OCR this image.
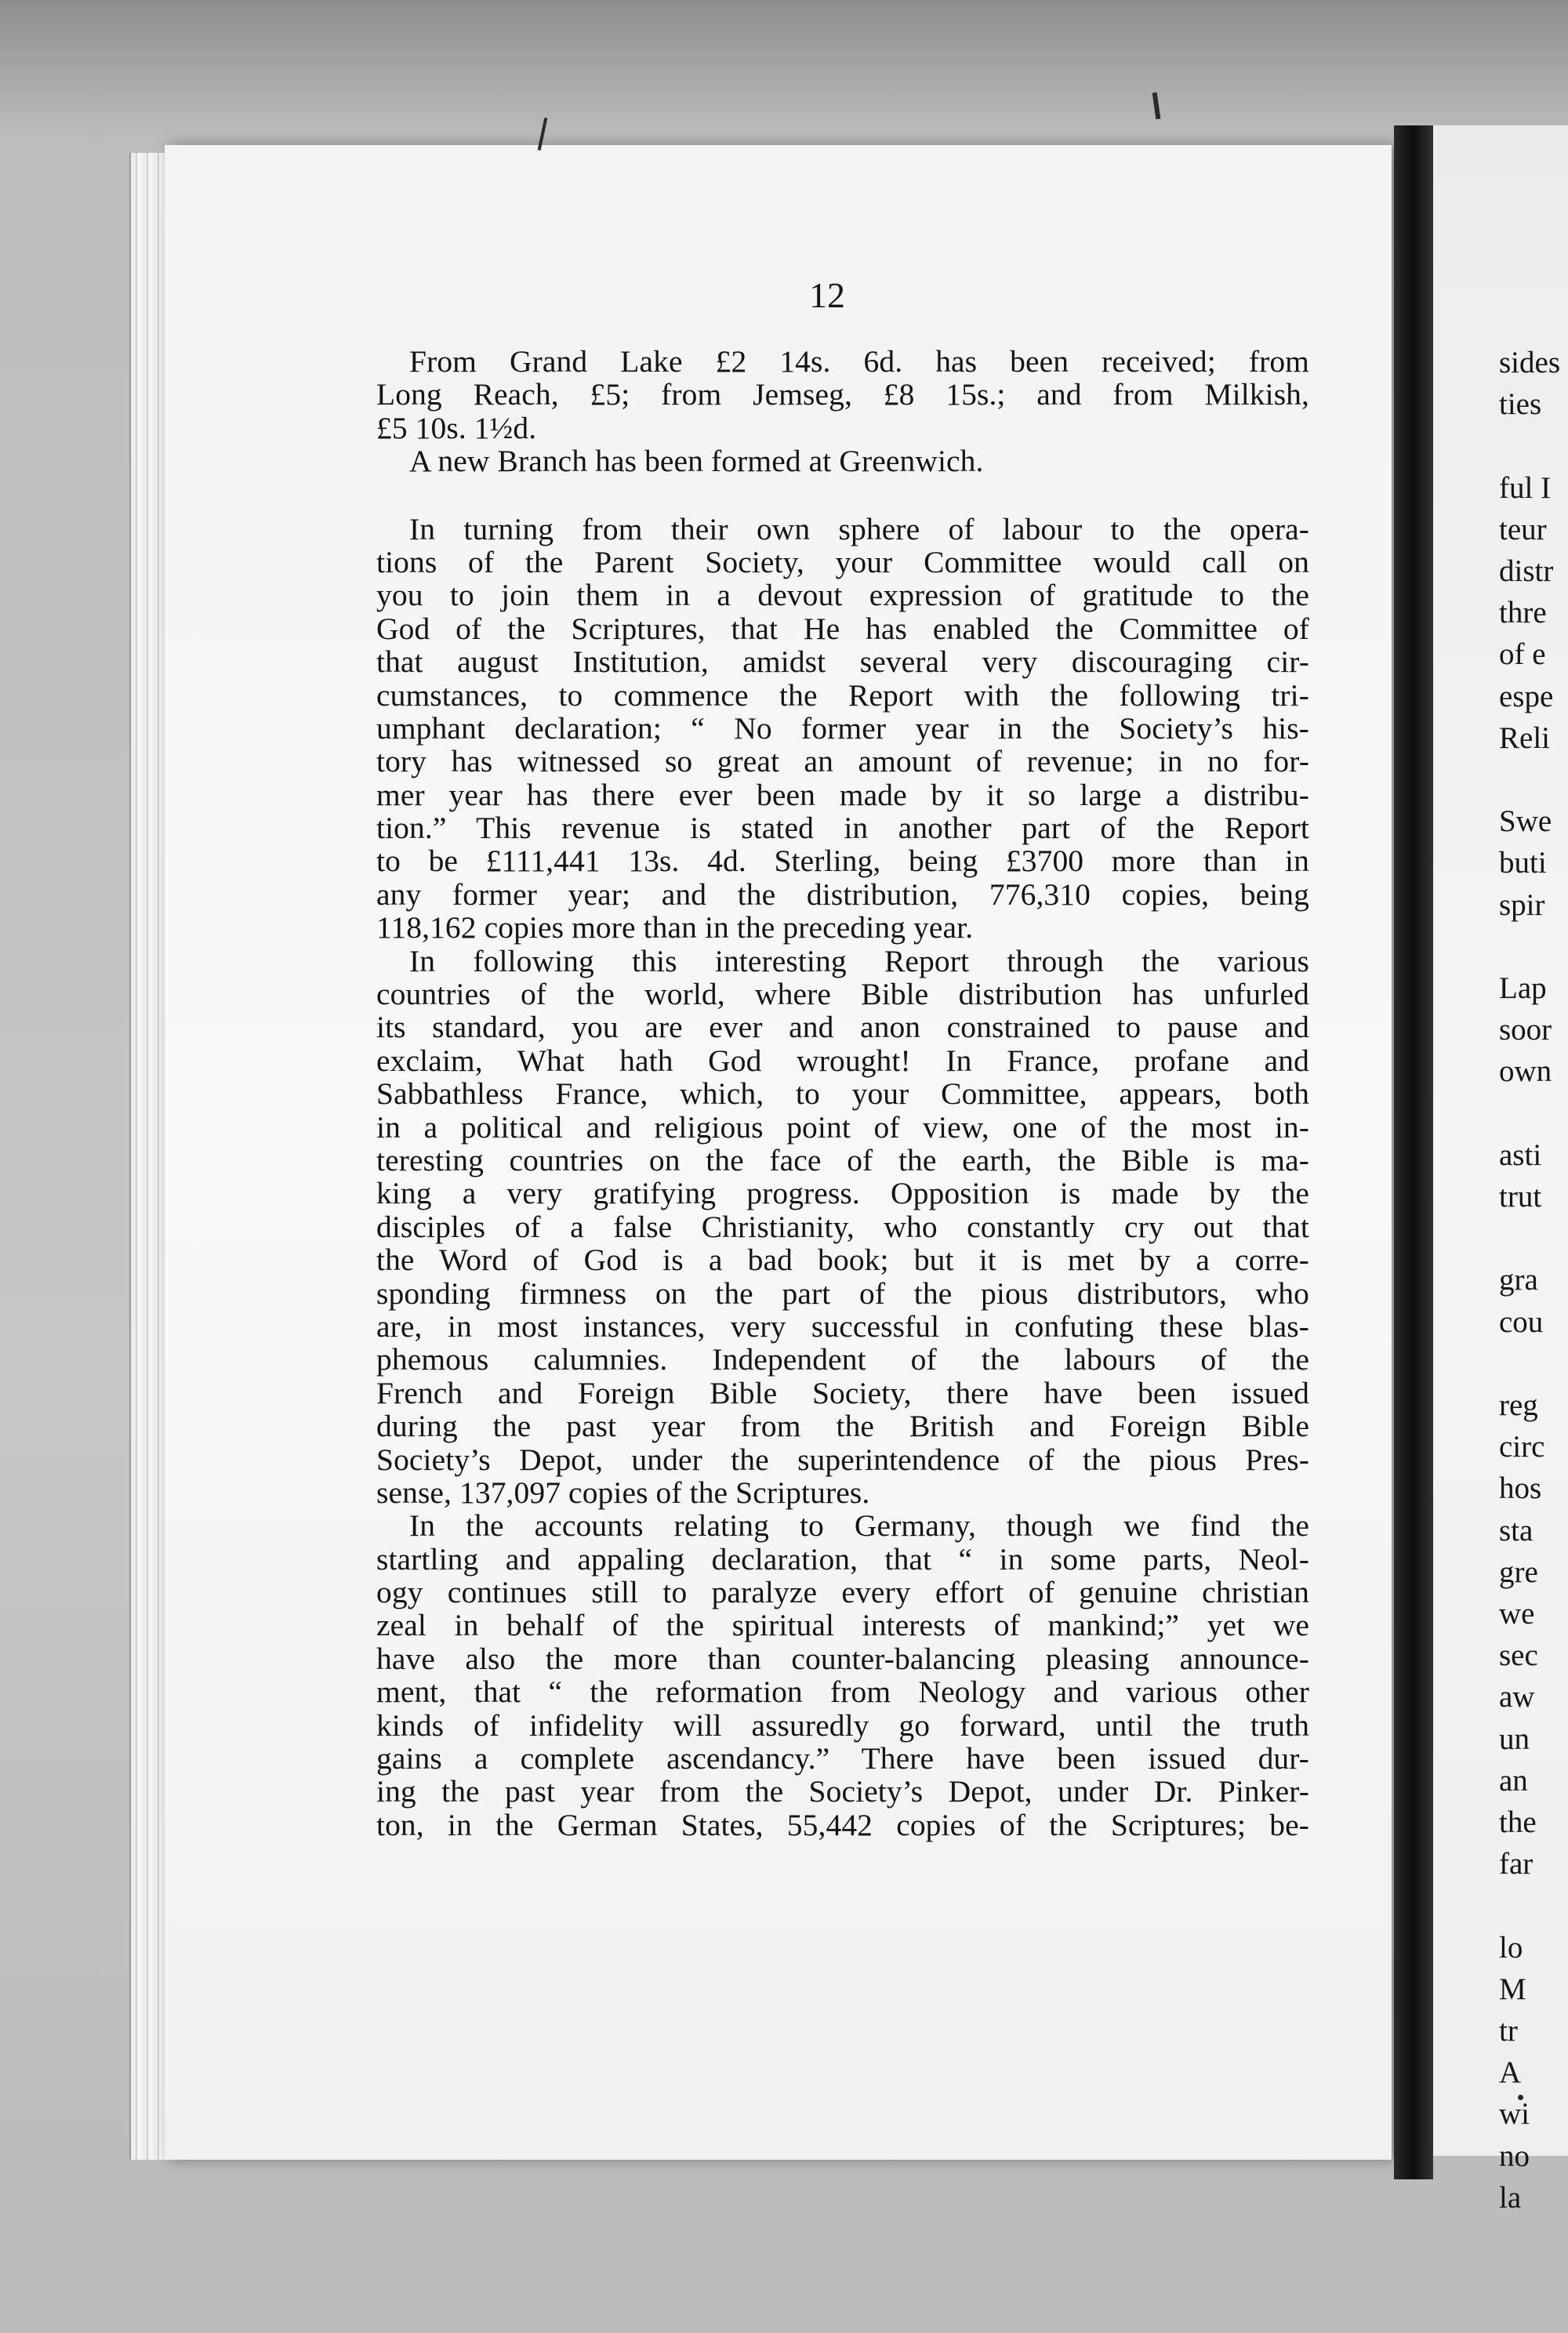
12
From Grand Lake £2 14s. 6d. has been received; from
Long Reach, £5; from Jemseg, £8 15s.; and from Milkish,
£5 10s. 1½d.
A new Branch has been formed at Greenwich.
In turning from their own sphere of labour to the opera-
tions of the Parent Society, your Committee would call on
you to join them in a devout expression of gratitude to the
God of the Scriptures, that He has enabled the Committee of
that august Institution, amidst several very discouraging cir-
cumstances, to commence the Report with the following tri-
umphant declaration; “ No former year in the Society’s his-
tory has witnessed so great an amount of revenue; in no for-
mer year has there ever been made by it so large a distribu-
tion.” This revenue is stated in another part of the Report
to be £111,441 13s. 4d. Sterling, being £3700 more than in
any former year; and the distribution, 776,310 copies, being
118,162 copies more than in the preceding year.
In following this interesting Report through the various
countries of the world, where Bible distribution has unfurled
its standard, you are ever and anon constrained to pause and
exclaim, What hath God wrought! In France, profane and
Sabbathless France, which, to your Committee, appears, both
in a political and religious point of view, one of the most in-
teresting countries on the face of the earth, the Bible is ma-
king a very gratifying progress. Opposition is made by the
disciples of a false Christianity, who constantly cry out that
the Word of God is a bad book; but it is met by a corre-
sponding firmness on the part of the pious distributors, who
are, in most instances, very successful in confuting these blas-
phemous calumnies. Independent of the labours of the
French and Foreign Bible Society, there have been issued
during the past year from the British and Foreign Bible
Society’s Depot, under the superintendence of the pious Pres-
sense, 137,097 copies of the Scriptures.
In the accounts relating to Germany, though we find the
startling and appaling declaration, that “ in some parts, Neol-
ogy continues still to paralyze every effort of genuine christian
zeal in behalf of the spiritual interests of mankind;” yet we
have also the more than counter-balancing pleasing announce-
ment, that “ the reformation from Neology and various other
kinds of infidelity will assuredly go forward, until the truth
gains a complete ascendancy.” There have been issued dur-
ing the past year from the Society’s Depot, under Dr. Pinker-
ton, in the German States, 55,442 copies of the Scriptures; be-
sides
ties
ful I
teur
distr
thre
of e
espe
Reli
Swe
buti
spir
Lap
soor
own
asti
trut
gra
cou
reg
circ
hos
sta
gre
we
sec
aw
un
an
the
far
lo
M
tr
A
wi
no
la
